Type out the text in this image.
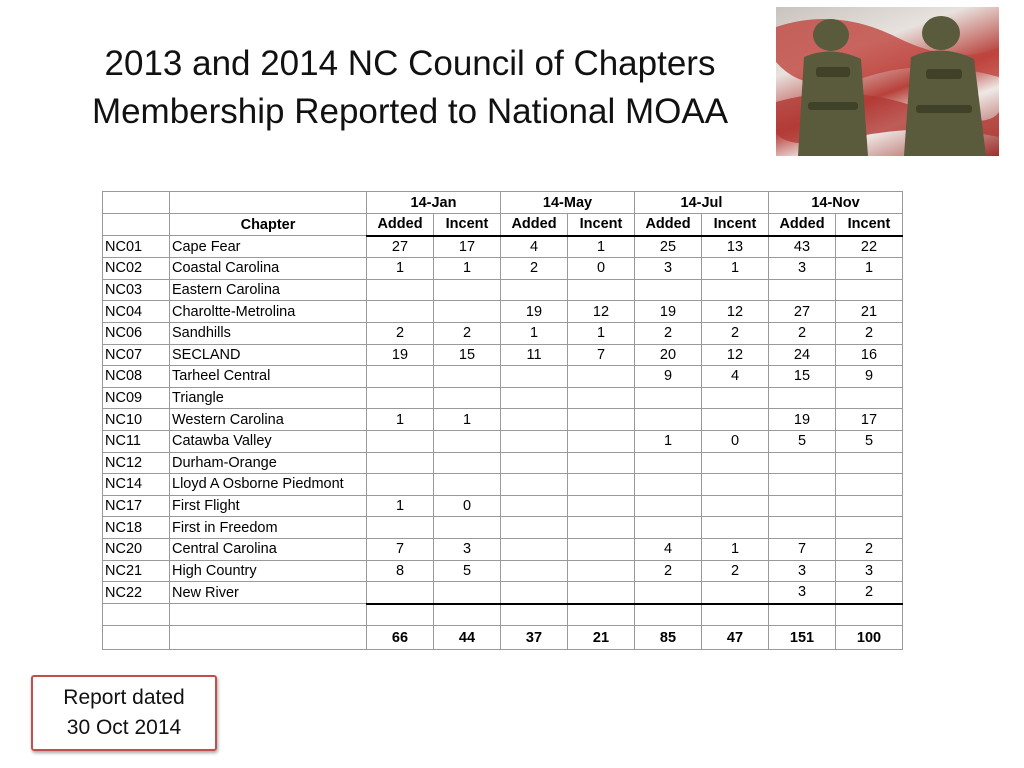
2013 and 2014 NC Council of Chapters
Membership Reported to National MOAA
		14-Jan		14-May		14-Jul		14-Nov	
	Chapter	Added	Incent	Added	Incent	Added	Incent	Added	Incent
NC01	Cape Fear	27	17	4	1	25	13	43	22
NC02	Coastal Carolina	1	1	2	0	3	1	3	1
NC03	Eastern Carolina								
NC04	Charoltte-Metrolina			19	12	19	12	27	21
NC06	Sandhills	2	2	1	1	2	2	2	2
NC07	SECLAND	19	15	11	7	20	12	24	16
NC08	Tarheel Central					9	4	15	9
NC09	Triangle								
NC10	Western Carolina	1	1					19	17
NC11	Catawba Valley					1	0	5	5
NC12	Durham-Orange								
NC14	Lloyd A Osborne Piedmont								
NC17	First Flight	1	0						
NC18	First in Freedom								
NC20	Central Carolina	7	3			4	1	7	2
NC21	High Country	8	5			2	2	3	3
NC22	New River							3	2

		66	44	37	21	85	47	151	100
Report dated
30 Oct 2014
